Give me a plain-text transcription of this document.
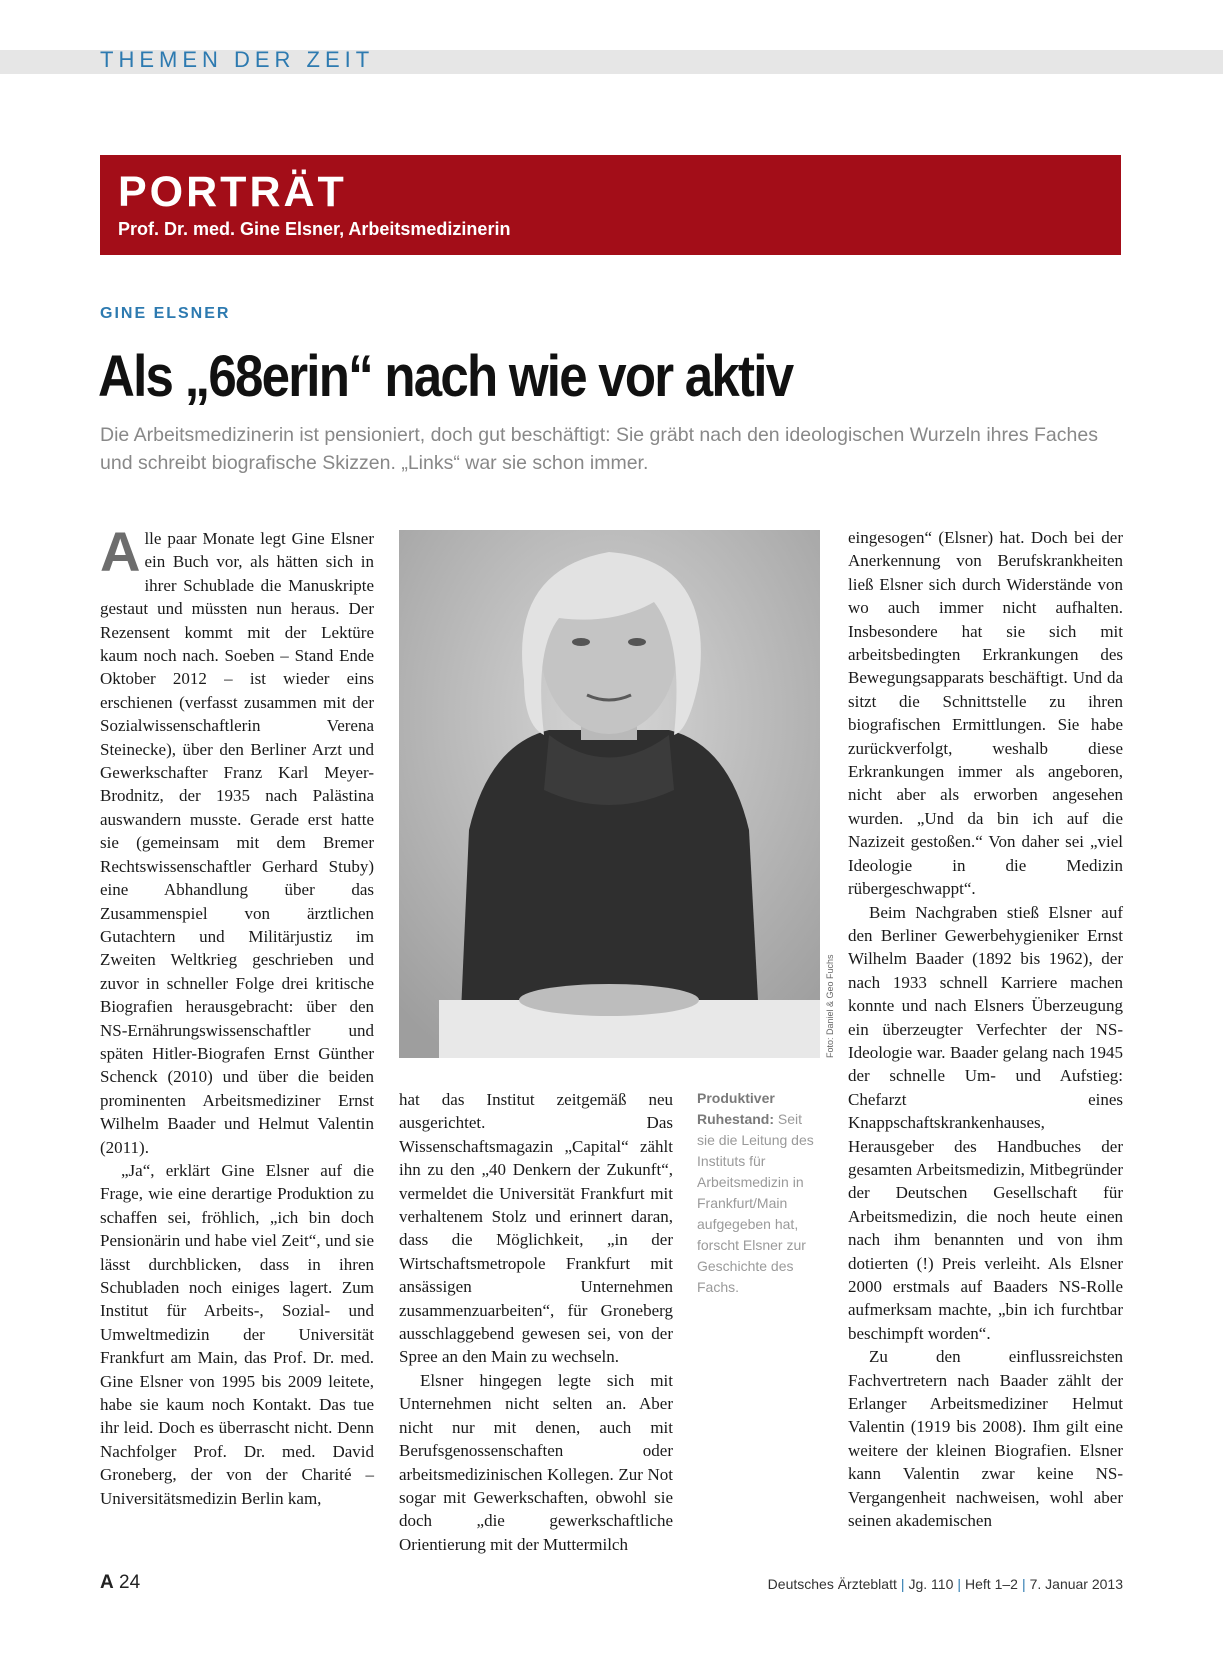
THEMEN DER ZEIT
PORTRÄT
Prof. Dr. med. Gine Elsner, Arbeitsmedizinerin
GINE ELSNER
Als „68erin“ nach wie vor aktiv
Die Arbeitsmedizinerin ist pensioniert, doch gut beschäftigt: Sie gräbt nach den ideologischen Wurzeln ihres Faches und schreibt biografische Skizzen. „Links“ war sie schon immer.

Alle paar Monate legt Gine Elsner ein Buch vor, als hätten sich in ihrer Schublade die Manuskripte gestaut und müssten nun heraus. Der Rezensent kommt mit der Lektüre kaum noch nach. Soeben – Stand Ende Oktober 2012 – ist wieder eins erschienen (verfasst zusammen mit der Sozialwissenschaftlerin Verena Steinecke), über den Berliner Arzt und Gewerkschafter Franz Karl Meyer-Brodnitz, der 1935 nach Palästina auswandern musste. Gerade erst hatte sie (gemeinsam mit dem Bremer Rechtswissenschaftler Gerhard Stuby) eine Abhandlung über das Zusammenspiel von ärztlichen Gutachtern und Militärjustiz im Zweiten Weltkrieg geschrieben und zuvor in schneller Folge drei kritische Biografien herausgebracht: über den NS-Ernährungswissenschaftler und späten Hitler-Biografen Ernst Günther Schenck (2010) und über die beiden prominenten Arbeitsmediziner Ernst Wilhelm Baader und Helmut Valentin (2011).

„Ja“, erklärt Gine Elsner auf die Frage, wie eine derartige Produktion zu schaffen sei, fröhlich, „ich bin doch Pensionärin und habe viel Zeit“, und sie lässt durchblicken, dass in ihren Schubladen noch einiges lagert. Zum Institut für Arbeits-, Sozial- und Umweltmedizin der Universität Frankfurt am Main, das Prof. Dr. med. Gine Elsner von 1995 bis 2009 leitete, habe sie kaum noch Kontakt. Das tue ihr leid. Doch es überrascht nicht. Denn Nachfolger Prof. Dr. med. David Groneberg, der von der Charité – Universitätsmedizin Berlin kam,

Foto: Daniel & Geo Fuchs
Produktiver Ruhestand: Seit sie die Leitung des Instituts für Arbeitsmedizin in Frankfurt/Main aufgegeben hat, forscht Elsner zur Geschichte des Fachs.

hat das Institut zeitgemäß neu ausgerichtet. Das Wissenschaftsmagazin „Capital“ zählt ihn zu den „40 Denkern der Zukunft“, vermeldet die Universität Frankfurt mit verhaltenem Stolz und erinnert daran, dass die Möglichkeit, „in der Wirtschaftsmetropole Frankfurt mit ansässigen Unternehmen zusammenzuarbeiten“, für Groneberg ausschlaggebend gewesen sei, von der Spree an den Main zu wechseln.

Elsner hingegen legte sich mit Unternehmen nicht selten an. Aber nicht nur mit denen, auch mit Berufsgenossenschaften oder arbeitsmedizinischen Kollegen. Zur Not sogar mit Gewerkschaften, obwohl sie doch „die gewerkschaftliche Orientierung mit der Muttermilch

eingesogen“ (Elsner) hat. Doch bei der Anerkennung von Berufskrankheiten ließ Elsner sich durch Widerstände von wo auch immer nicht aufhalten. Insbesondere hat sie sich mit arbeitsbedingten Erkrankungen des Bewegungsapparats beschäftigt. Und da sitzt die Schnittstelle zu ihren biografischen Ermittlungen. Sie habe zurückverfolgt, weshalb diese Erkrankungen immer als angeboren, nicht aber als erworben angesehen wurden. „Und da bin ich auf die Nazizeit gestoßen.“ Von daher sei „viel Ideologie in die Medizin rübergeschwappt“.

Beim Nachgraben stieß Elsner auf den Berliner Gewerbehygieniker Ernst Wilhelm Baader (1892 bis 1962), der nach 1933 schnell Karriere machen konnte und nach Elsners Überzeugung ein überzeugter Verfechter der NS-Ideologie war. Baader gelang nach 1945 der schnelle Um- und Aufstieg: Chefarzt eines Knappschaftskrankenhauses, Herausgeber des Handbuches der gesamten Arbeitsmedizin, Mitbegründer der Deutschen Gesellschaft für Arbeitsmedizin, die noch heute einen nach ihm benannten und von ihm dotierten (!) Preis verleiht. Als Elsner 2000 erstmals auf Baaders NS-Rolle aufmerksam machte, „bin ich furchtbar beschimpft worden“.

Zu den einflussreichsten Fachvertretern nach Baader zählt der Erlanger Arbeitsmediziner Helmut Valentin (1919 bis 2008). Ihm gilt eine weitere der kleinen Biografien. Elsner kann Valentin zwar keine NS-Vergangenheit nachweisen, wohl aber seinen akademischen

A 24	Deutsches Ärzteblatt | Jg. 110 | Heft 1–2 | 7. Januar 2013
